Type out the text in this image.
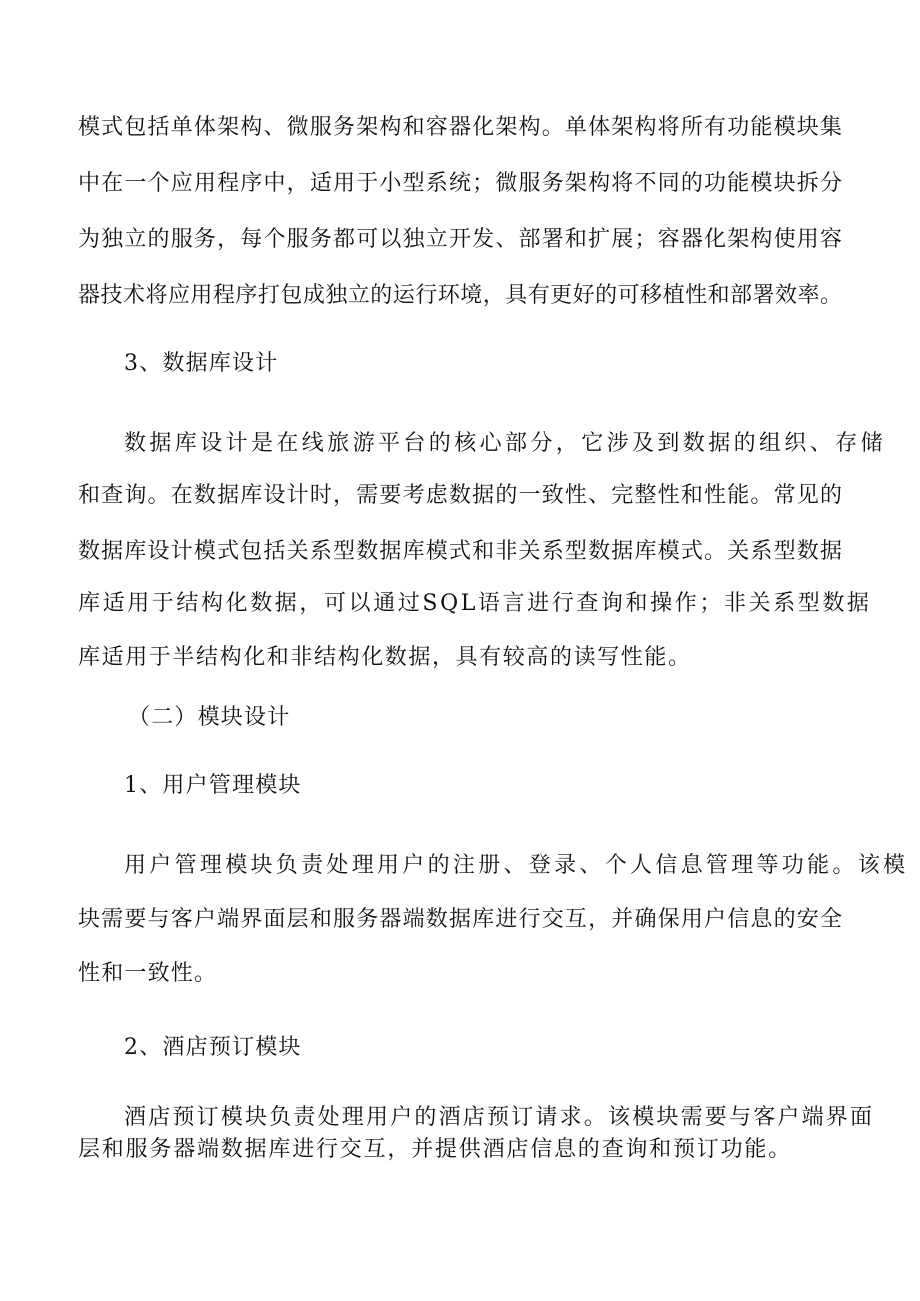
模式包括单体架构、微服务架构和容器化架构。单体架构将所有功能模块集
中在一个应用程序中，适用于小型系统；微服务架构将不同的功能模块拆分
为独立的服务，每个服务都可以独立开发、部署和扩展；容器化架构使用容
器技术将应用程序打包成独立的运行环境，具有更好的可移植性和部署效率。
3、数据库设计
数据库设计是在线旅游平台的核心部分，它涉及到数据的组织、存储
和查询。在数据库设计时，需要考虑数据的一致性、完整性和性能。常见的
数据库设计模式包括关系型数据库模式和非关系型数据库模式。关系型数据
库适用于结构化数据，可以通过SQL语言进行查询和操作；非关系型数据
库适用于半结构化和非结构化数据，具有较高的读写性能。
（二）模块设计
1、用户管理模块
用户管理模块负责处理用户的注册、登录、个人信息管理等功能。该模
块需要与客户端界面层和服务器端数据库进行交互，并确保用户信息的安全
性和一致性。
2、酒店预订模块
酒店预订模块负责处理用户的酒店预订请求。该模块需要与客户端界面
层和服务器端数据库进行交互，并提供酒店信息的查询和预订功能。
